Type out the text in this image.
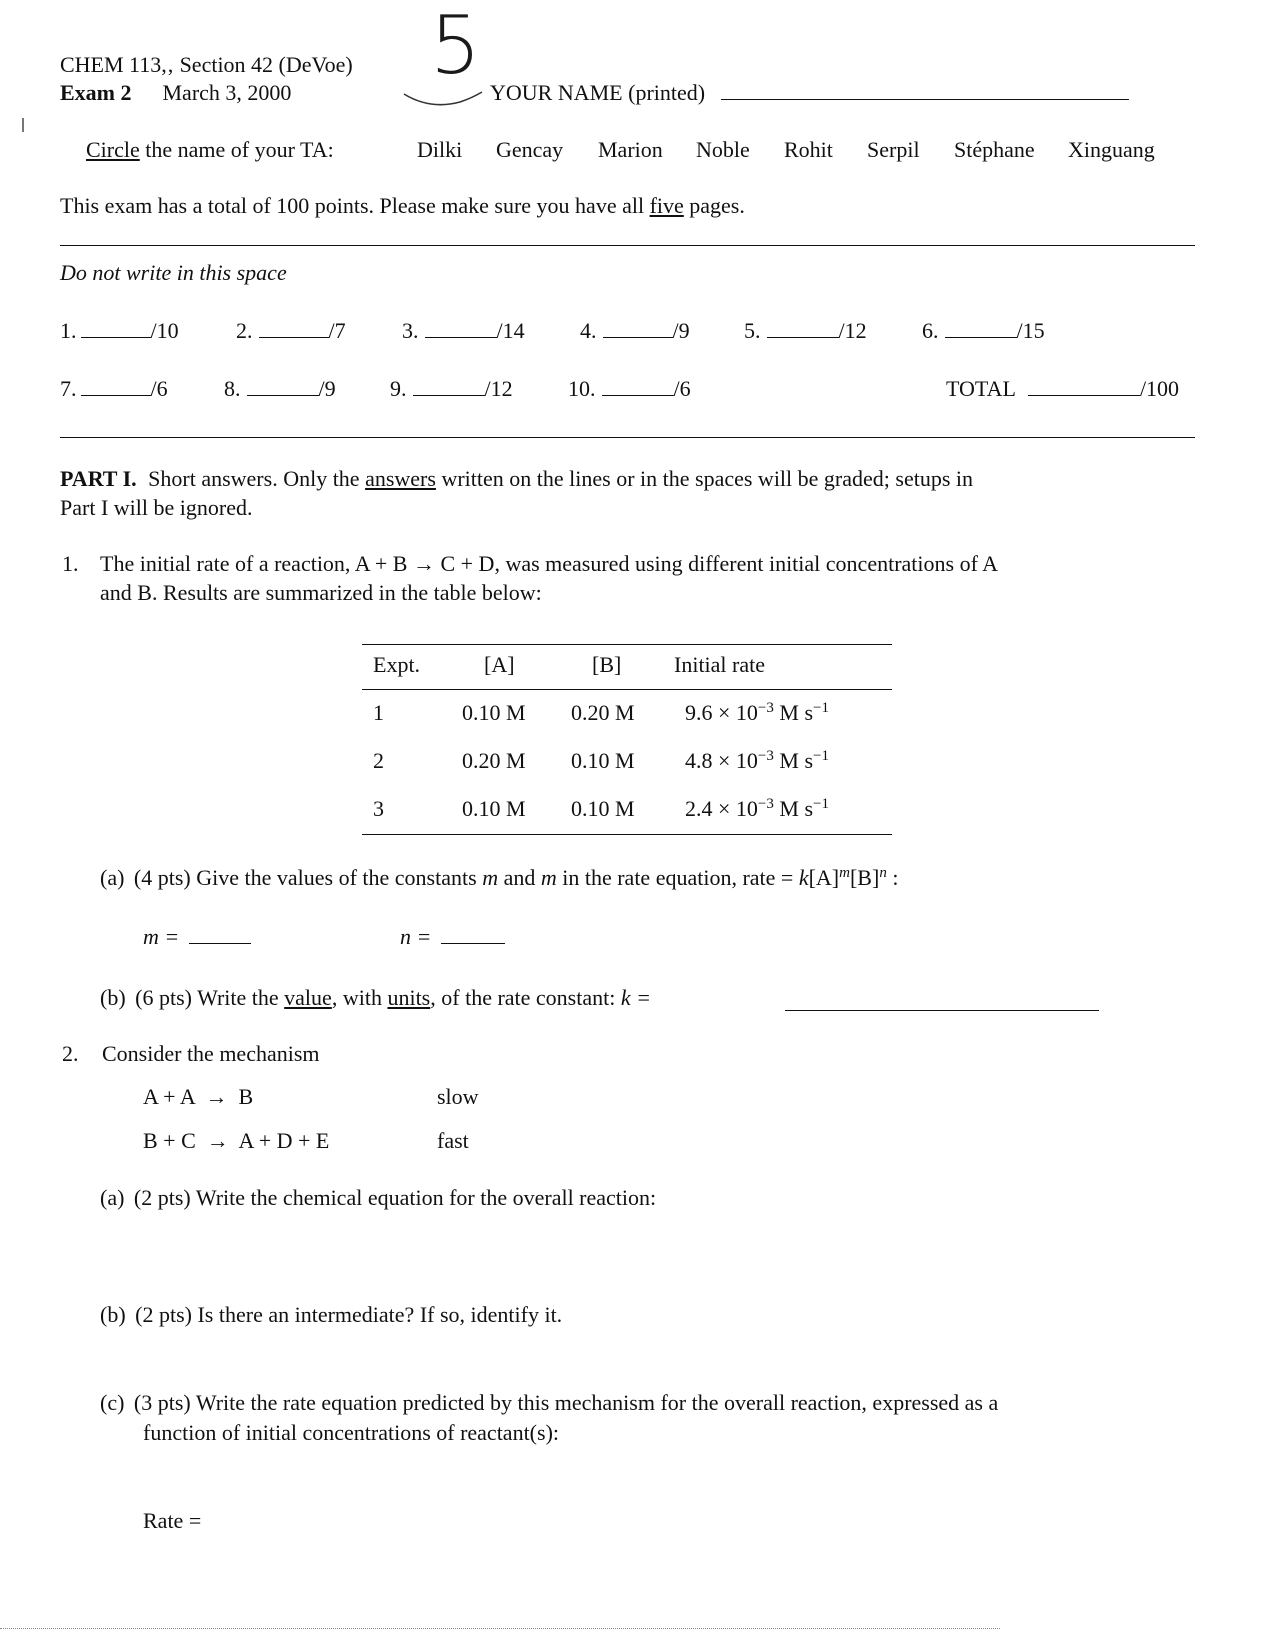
CHEM 113,‚ Section 42 (DeVoe)
Exam 2 March 3, 2000
5
YOUR NAME (printed)
Circle the name of your TA:	Dilki Gencay Marion Noble Rohit Serpil Stéphane Xinguang
This exam has a total of 100 points. Please make sure you have all five pages.
Do not write in this space
1.	/10	2.	/7	3.	/14	4.	/9 5.	/12	6.	/15
7.	/6	8.	/9 9.	/12	10.	/6	TOTAL	/100
PART I. Short answers. Only the answers written on the lines or in the spaces will be graded; setups in
Part I will be ignored.
1. The initial rate of a reaction, A + B → C + D, was measured using different initial concentrations of A
and B. Results are summarized in the table below:
Expt.	[A]	[B] Initial rate
1	0.10 M 0.20 M $9.6 \times 10^{-3}$ M $s^{-1}$
2	0.20 M 0.10 M $4.8 \times 10^{-3}$ M $s^{-1}$
3	0.10 M 0.10 M $2.4 \times 10^{-3}$ M $s^{-1}$
(a) (4 pts) Give the values of the constants m and m in the rate equation, rate = $k[A]^m[B]^n$ :
m =	n =
(b) (6 pts) Write the value, with units, of the rate constant: k =
2. Consider the mechanism
A + A  →  B	slow
B + C  →  A + D + E	fast
(a) (2 pts) Write the chemical equation for the overall reaction:
(b) (2 pts) Is there an intermediate? If so, identify it.
(c) (3 pts) Write the rate equation predicted by this mechanism for the overall reaction, expressed as a
function of initial concentrations of reactant(s):
Rate =
